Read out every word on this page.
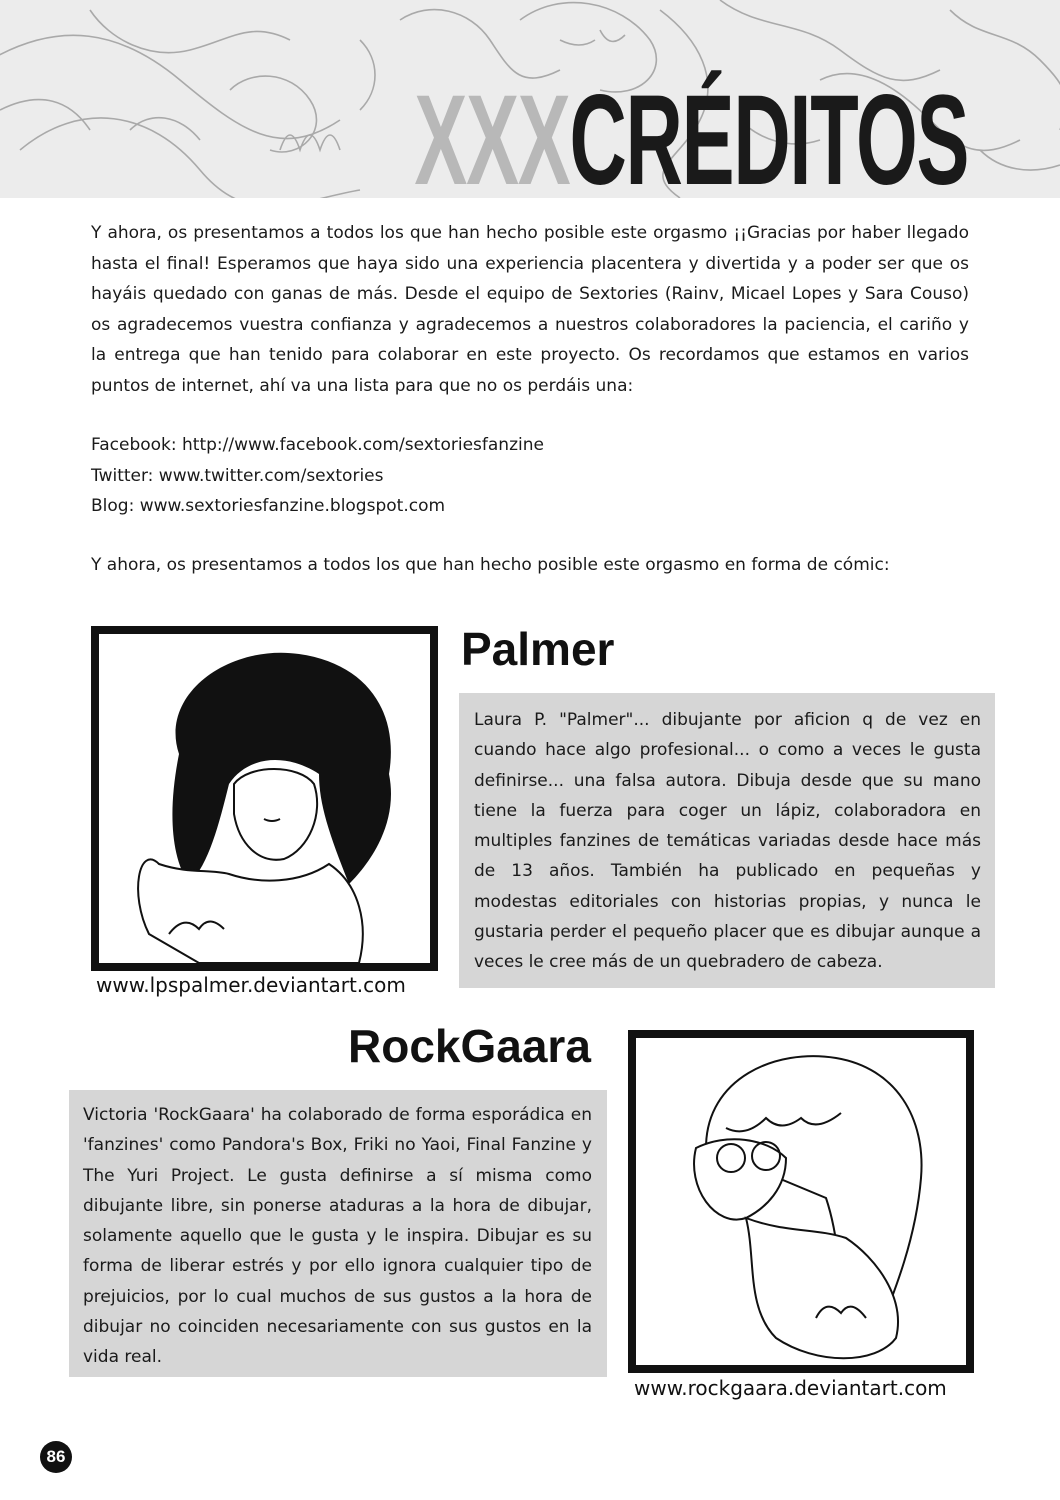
XXX CRÉDITOS

Y ahora, os presentamos a todos los que han hecho posible este orgasmo ¡¡Gracias por haber llegado hasta el final! Esperamos que haya sido una experiencia placentera y divertida y a poder ser que os hayáis quedado con ganas de más. Desde el equipo de Sextories (Rainv, Micael Lopes y Sara Couso) os agradecemos vuestra confianza y agradecemos a nuestros colaboradores la paciencia, el cariño y la entrega que han tenido para colaborar en este proyecto. Os recordamos que estamos en varios puntos de internet, ahí va una lista para que no os perdáis una:

Facebook: http://www.facebook.com/sextoriesfanzine
Twitter: www.twitter.com/sextories
Blog: www.sextoriesfanzine.blogspot.com
Y ahora, os presentamos a todos los que han hecho posible este orgasmo en forma de cómic:
www.lpspalmer.deviantart.com
Palmer
Laura P. "Palmer"... dibujante por aficion q de vez en cuando hace algo profesional... o como a veces le gusta definirse... una falsa autora. Dibuja desde que su mano tiene la fuerza para coger un lápiz, colaboradora en multiples fanzines de temáticas variadas desde hace más de 13 años. También ha publicado en pequeñas y modestas editoriales con historias propias, y nunca le gustaria perder el pequeño placer que es dibujar aunque a veces le cree más de un quebradero de cabeza.
RockGaara
Victoria 'RockGaara' ha colaborado de forma esporádica en 'fanzines' como Pandora's Box, Friki no Yaoi, Final Fanzine y The Yuri Project. Le gusta definirse a sí misma como dibujante libre, sin ponerse ataduras a la hora de dibujar, solamente aquello que le gusta y le inspira. Dibujar es su forma de liberar estrés y por ello ignora cualquier tipo de prejuicios, por lo cual muchos de sus gustos a la hora de dibujar no coinciden necesariamente con sus gustos en la vida real.
www.rockgaara.deviantart.com
86
